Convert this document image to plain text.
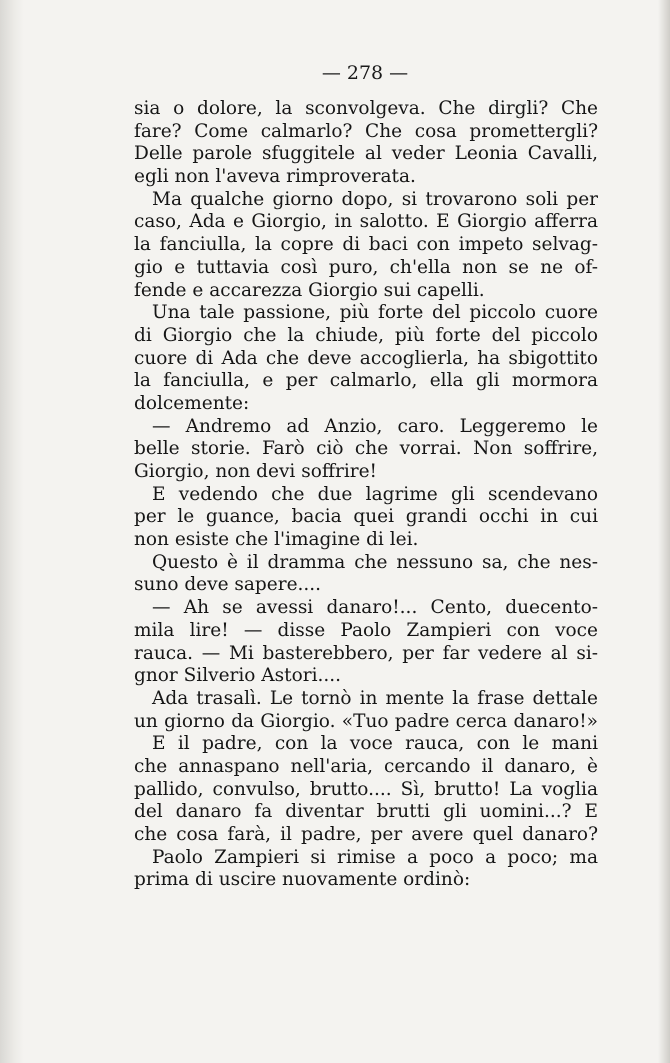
— 278 —
sia o dolore, la sconvolgeva. Che dirgli? Che
fare? Come calmarlo? Che cosa promettergli?
Delle parole sfuggitele al veder Leonia Cavalli,
egli non l'aveva rimproverata.
Ma qualche giorno dopo, si trovarono soli per
caso, Ada e Giorgio, in salotto. E Giorgio afferra
la fanciulla, la copre di baci con impeto selvag-
gio e tuttavia così puro, ch'ella non se ne of-
fende e accarezza Giorgio sui capelli.
Una tale passione, più forte del piccolo cuore
di Giorgio che la chiude, più forte del piccolo
cuore di Ada che deve accoglierla, ha sbigottito
la fanciulla, e per calmarlo, ella gli mormora
dolcemente:
— Andremo ad Anzio, caro. Leggeremo le
belle storie. Farò ciò che vorrai. Non soffrire,
Giorgio, non devi soffrire!
E vedendo che due lagrime gli scendevano
per le guance, bacia quei grandi occhi in cui
non esiste che l'imagine di lei.
Questo è il dramma che nessuno sa, che nes-
suno deve sapere....
— Ah se avessi danaro!... Cento, duecento-
mila lire! — disse Paolo Zampieri con voce
rauca. — Mi basterebbero, per far vedere al si-
gnor Silverio Astori....
Ada trasalì. Le tornò in mente la frase dettale
un giorno da Giorgio. «Tuo padre cerca danaro!»
E il padre, con la voce rauca, con le mani
che annaspano nell'aria, cercando il danaro, è
pallido, convulso, brutto.... Sì, brutto! La voglia
del danaro fa diventar brutti gli uomini...? E
che cosa farà, il padre, per avere quel danaro?
Paolo Zampieri si rimise a poco a poco; ma
prima di uscire nuovamente ordinò:
